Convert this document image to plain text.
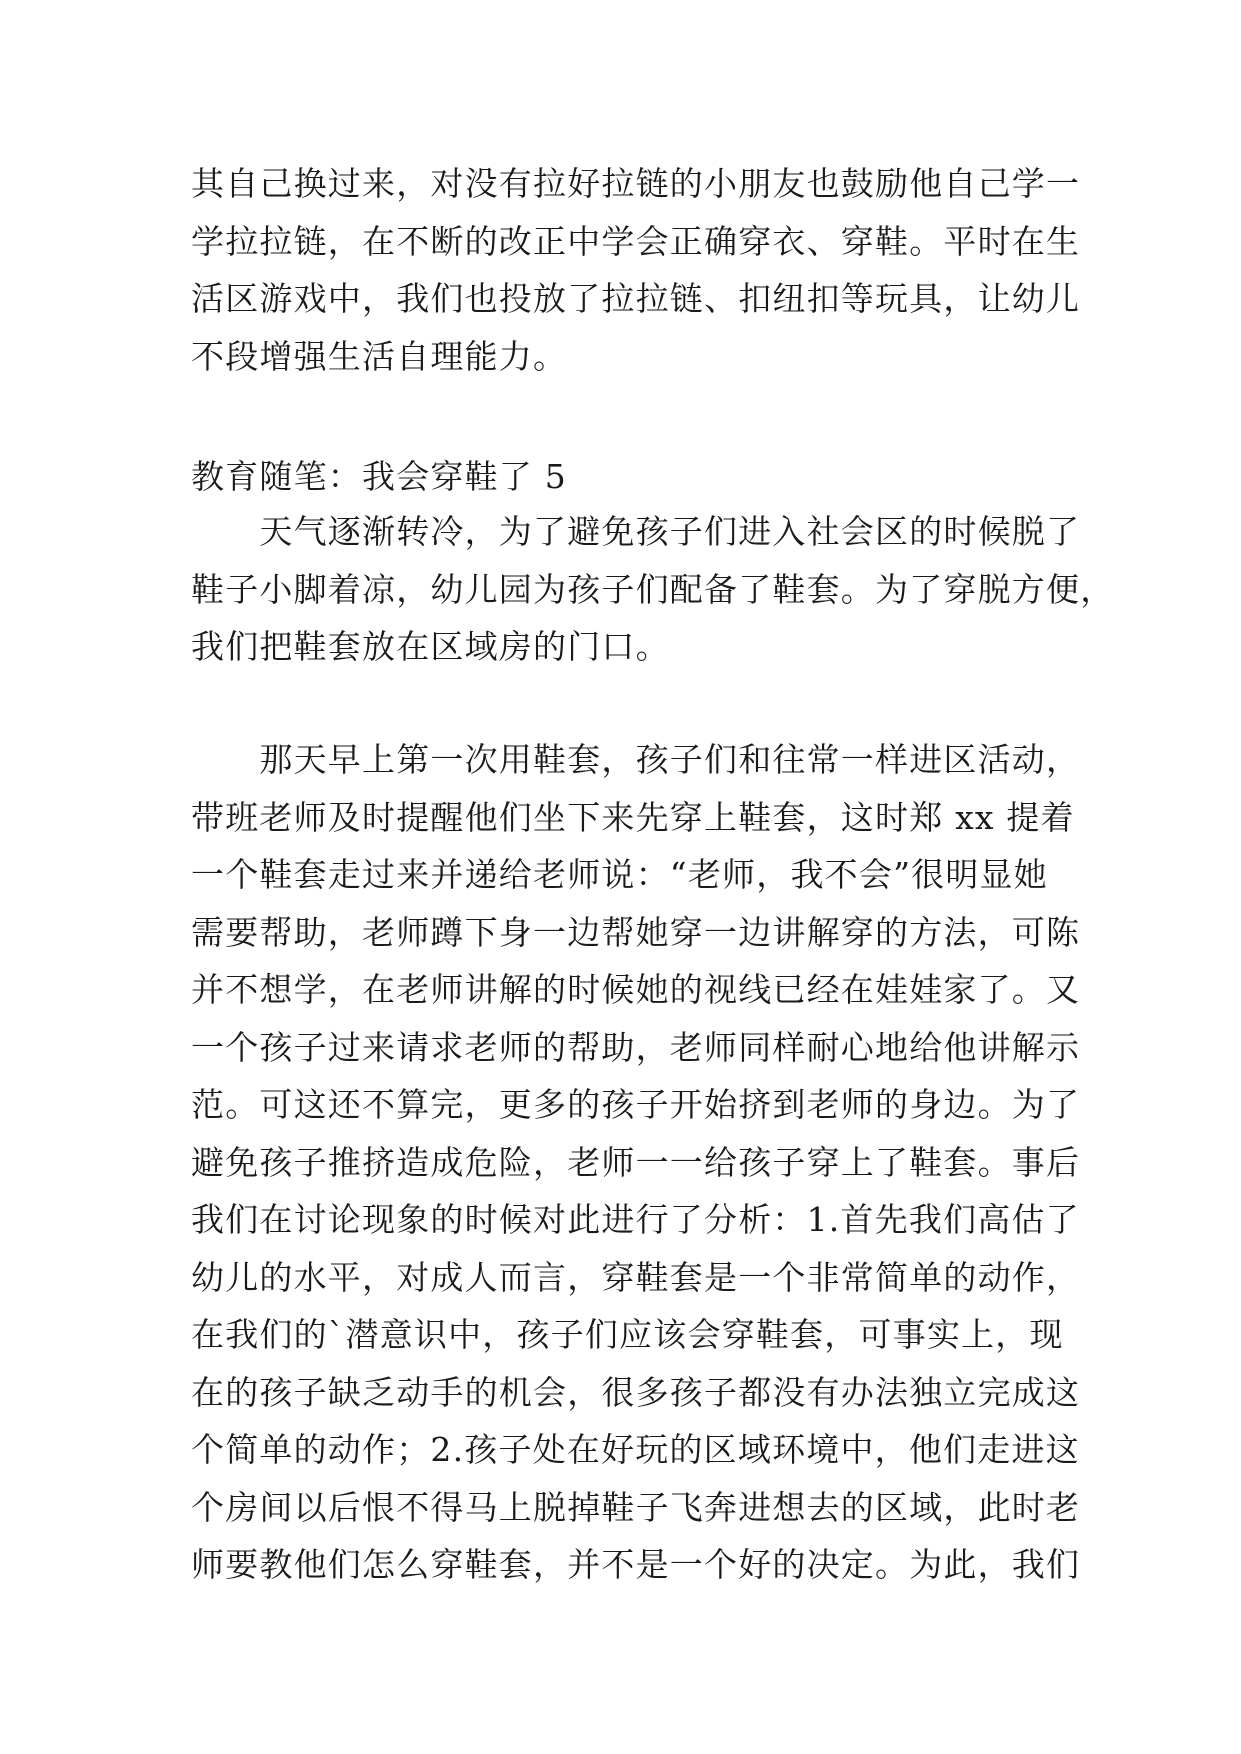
其自己换过来，对没有拉好拉链的小朋友也鼓励他自己学一
学拉拉链，在不断的改正中学会正确穿衣、穿鞋。平时在生
活区游戏中，我们也投放了拉拉链、扣纽扣等玩具，让幼儿
不段增强生活自理能力。
教育随笔：我会穿鞋了 5
　　天气逐渐转冷，为了避免孩子们进入社会区的时候脱了
鞋子小脚着凉，幼儿园为孩子们配备了鞋套。为了穿脱方便，
我们把鞋套放在区域房的门口。
　　那天早上第一次用鞋套，孩子们和往常一样进区活动，
带班老师及时提醒他们坐下来先穿上鞋套，这时郑 xx 提着
一个鞋套走过来并递给老师说：“老师，我不会”很明显她
需要帮助，老师蹲下身一边帮她穿一边讲解穿的方法，可陈
并不想学，在老师讲解的时候她的视线已经在娃娃家了。又
一个孩子过来请求老师的帮助，老师同样耐心地给他讲解示
范。可这还不算完，更多的孩子开始挤到老师的身边。为了
避免孩子推挤造成危险，老师一一给孩子穿上了鞋套。事后
我们在讨论现象的时候对此进行了分析：1.首先我们高估了
幼儿的水平，对成人而言，穿鞋套是一个非常简单的动作，
在我们的`潜意识中，孩子们应该会穿鞋套，可事实上，现
在的孩子缺乏动手的机会，很多孩子都没有办法独立完成这
个简单的动作；2.孩子处在好玩的区域环境中，他们走进这
个房间以后恨不得马上脱掉鞋子飞奔进想去的区域，此时老
师要教他们怎么穿鞋套，并不是一个好的决定。为此，我们
